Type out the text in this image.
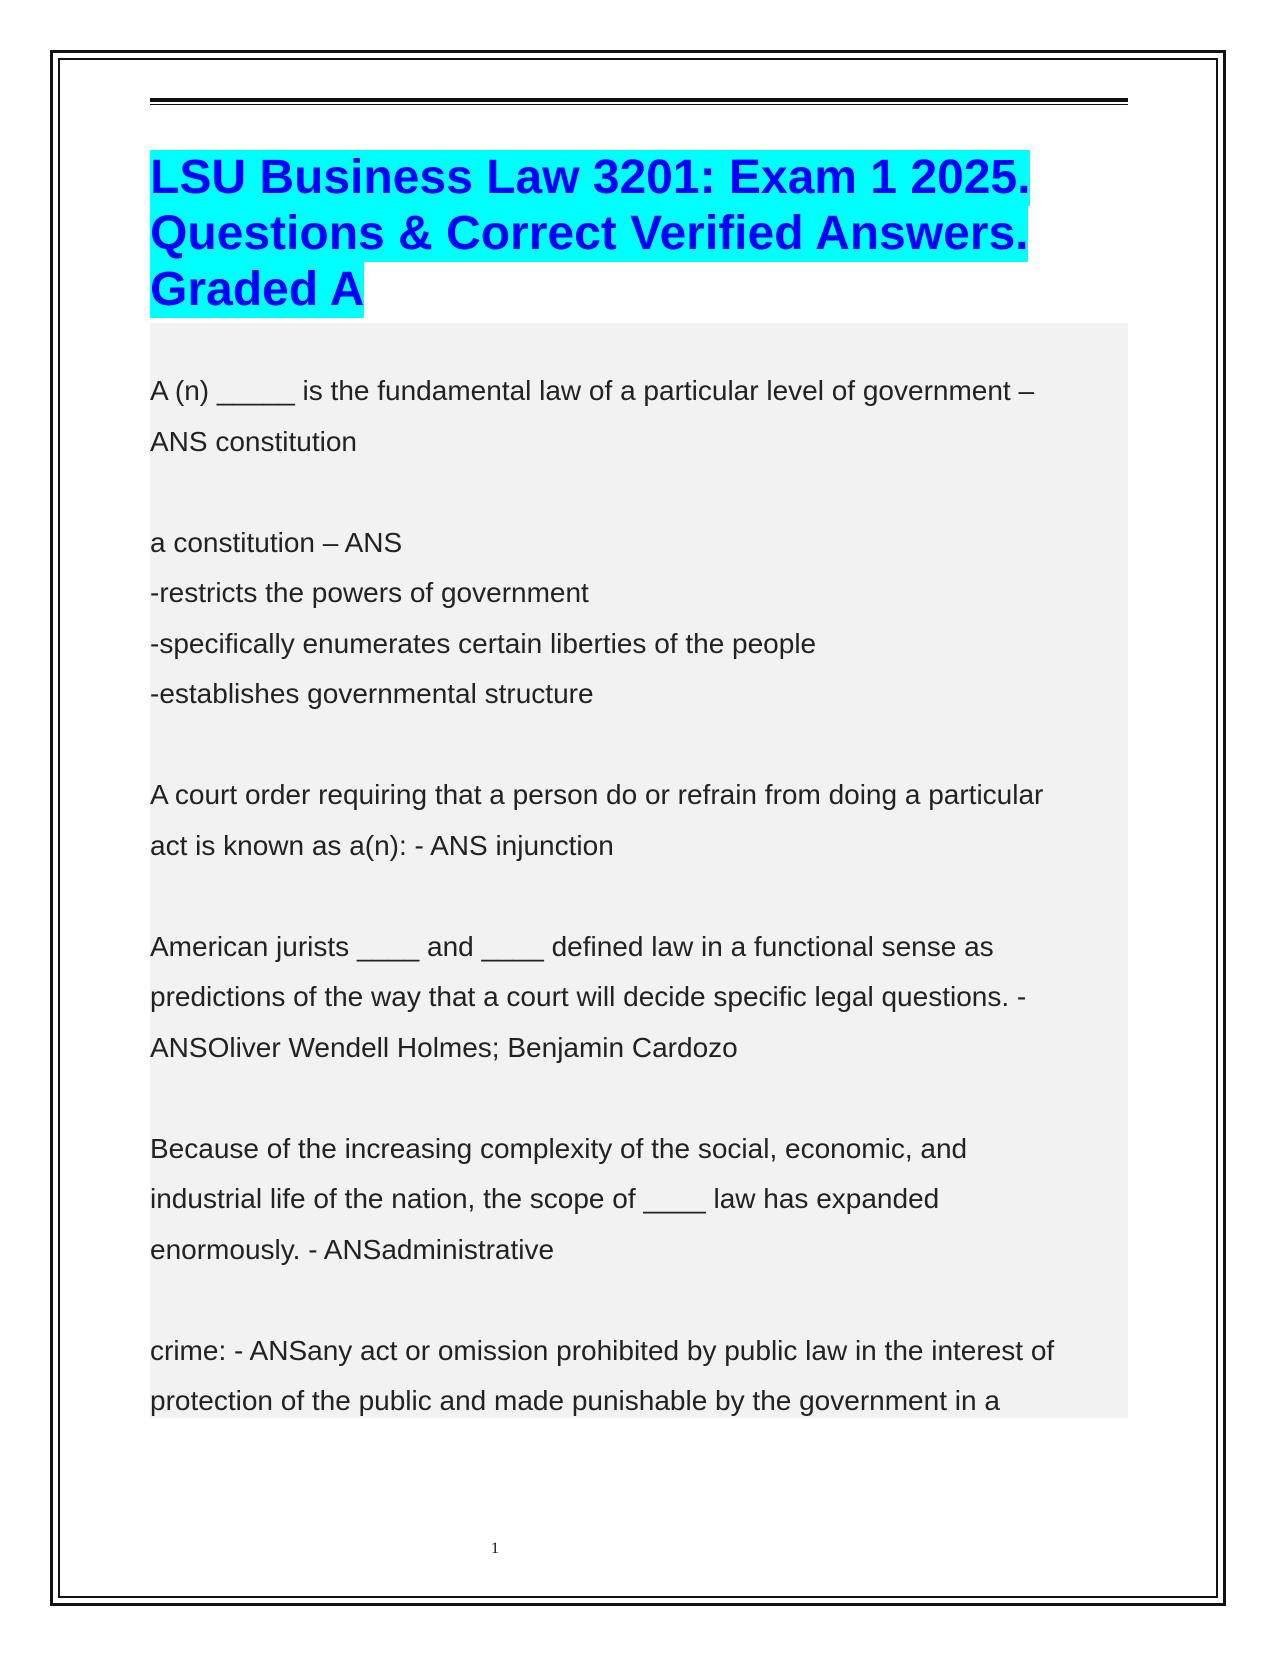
LSU Business Law 3201: Exam 1 2025.
Questions & Correct Verified Answers.
Graded A
A (n) _____ is the fundamental law of a particular level of government –
ANS constitution
a constitution – ANS
-restricts the powers of government
-specifically enumerates certain liberties of the people
-establishes governmental structure
A court order requiring that a person do or refrain from doing a particular
act is known as a(n): - ANS injunction
American jurists ____ and ____ defined law in a functional sense as
predictions of the way that a court will decide specific legal questions. -
ANSOliver Wendell Holmes; Benjamin Cardozo
Because of the increasing complexity of the social, economic, and
industrial life of the nation, the scope of ____ law has expanded
enormously. - ANSadministrative
crime: - ANSany act or omission prohibited by public law in the interest of
protection of the public and made punishable by the government in a
1
